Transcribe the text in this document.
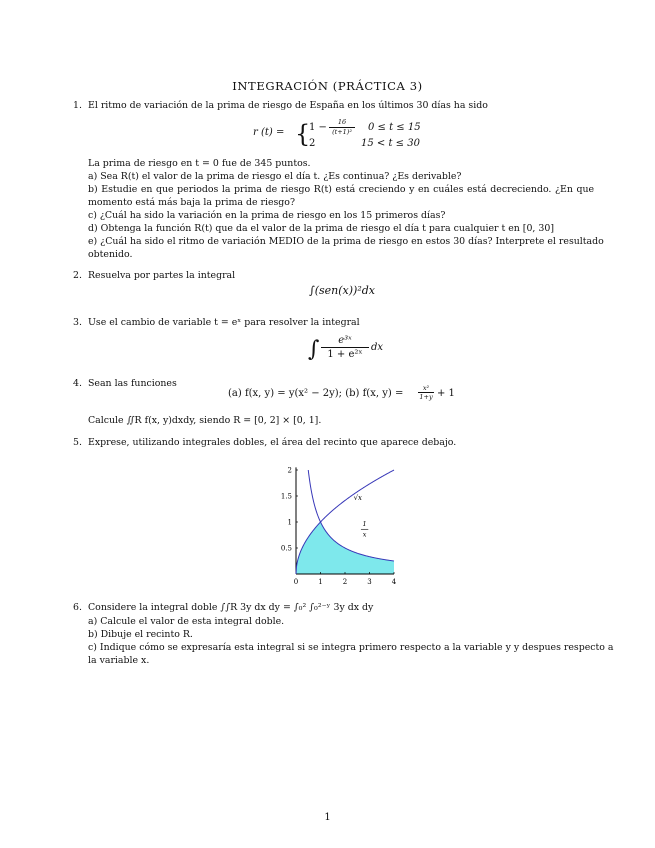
INTEGRACIÓN (PRÁCTICA 3)
1. El ritmo de variación de la prima de riesgo de España en los últimos 30 días ha sido
r (t) = {
1 −	16
(t+1)²	0 ≤ t ≤ 15
2	15 < t ≤ 30
La prima de riesgo en t = 0 fue de 345 puntos.
a) Sea R(t) el valor de la prima de riesgo el día t. ¿Es continua? ¿Es derivable?
b) Estudie en que periodos la prima de riesgo R(t) está creciendo y en cuáles está decreciendo. ¿En que
momento está más baja la prima de riesgo?
c) ¿Cuál ha sido la variación en la prima de riesgo en los 15 primeros días?
d) Obtenga la función R(t) que da el valor de la prima de riesgo el día t para cualquier t en [0, 30]
e) ¿Cuál ha sido el ritmo de variación MEDIO de la prima de riesgo en estos 30 días? Interprete el resultado
obtenido.
2. Resuelva por partes la integral
∫(sen(x))²dx
3. Use el cambio de variable t = eˣ para resolver la integral
∫	e³ˣ
1 + e²ˣ
dx
4. Sean las funciones
(a) f(x, y) = y(x² − 2y); (b) f(x, y) =	x²
1+y + 1
Calcule ∬R f(x, y)dxdy, siendo R = [0, 2] × [0, 1].
5. Exprese, utilizando integrales dobles, el área del recinto que aparece debajo.
0	1	2	3	4
0.5
1
1.5
2
√x
1
x
6. Considere la integral doble ∫∫R 3y dx dy = ∫₀² ∫₀²⁻ʸ 3y dx dy
a) Calcule el valor de esta integral doble.
b) Dibuje el recinto R.
c) Indique cómo se expresaría esta integral si se integra primero respecto a la variable y y despues respecto a
la variable x.
1
